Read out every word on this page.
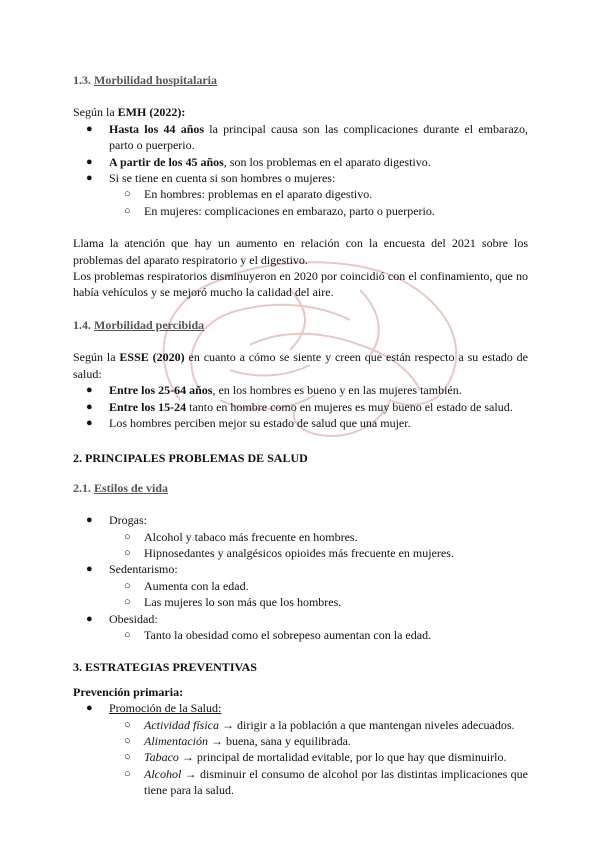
1.3. Morbilidad hospitalaria

Según la EMH (2022):

● Hasta los 44 años la principal causa son las complicaciones durante el embarazo, parto o puerperio.
● A partir de los 45 años, son los problemas en el aparato digestivo.
● Si se tiene en cuenta si son hombres o mujeres:
○ En hombres: problemas en el aparato digestivo.
○ En mujeres: complicaciones en embarazo, parto o puerperio.

Llama la atención que hay un aumento en relación con la encuesta del 2021 sobre los problemas del aparato respiratorio y el digestivo.

Los problemas respiratorios disminuyeron en 2020 por coincidió con el confinamiento, que no había vehículos y se mejoró mucho la calidad del aire.

1.4. Morbilidad percibida

Según la ESSE (2020) en cuanto a cómo se siente y creen que están respecto a su estado de salud:

● Entre los 25-64 años, en los hombres es bueno y en las mujeres también.
● Entre los 15-24 tanto en hombre como en mujeres es muy bueno el estado de salud.
● Los hombres perciben mejor su estado de salud que una mujer.
2. PRINCIPALES PROBLEMAS DE SALUD
2.1. Estilos de vida
● Drogas:
○ Alcohol y tabaco más frecuente en hombres.
○ Hipnosedantes y analgésicos opioides más frecuente en mujeres.
● Sedentarismo:
○ Aumenta con la edad.
○ Las mujeres lo son más que los hombres.
● Obesidad:
○ Tanto la obesidad como el sobrepeso aumentan con la edad.
3. ESTRATEGIAS PREVENTIVAS

Prevención primaria:

● Promoción de la Salud:
○ Actividad física → dirigir a la población a que mantengan niveles adecuados.
○ Alimentación → buena, sana y equilibrada.
○ Tabaco → principal de mortalidad evitable, por lo que hay que disminuirlo.
○ Alcohol → disminuir el consumo de alcohol por las distintas implicaciones que tiene para la salud.
